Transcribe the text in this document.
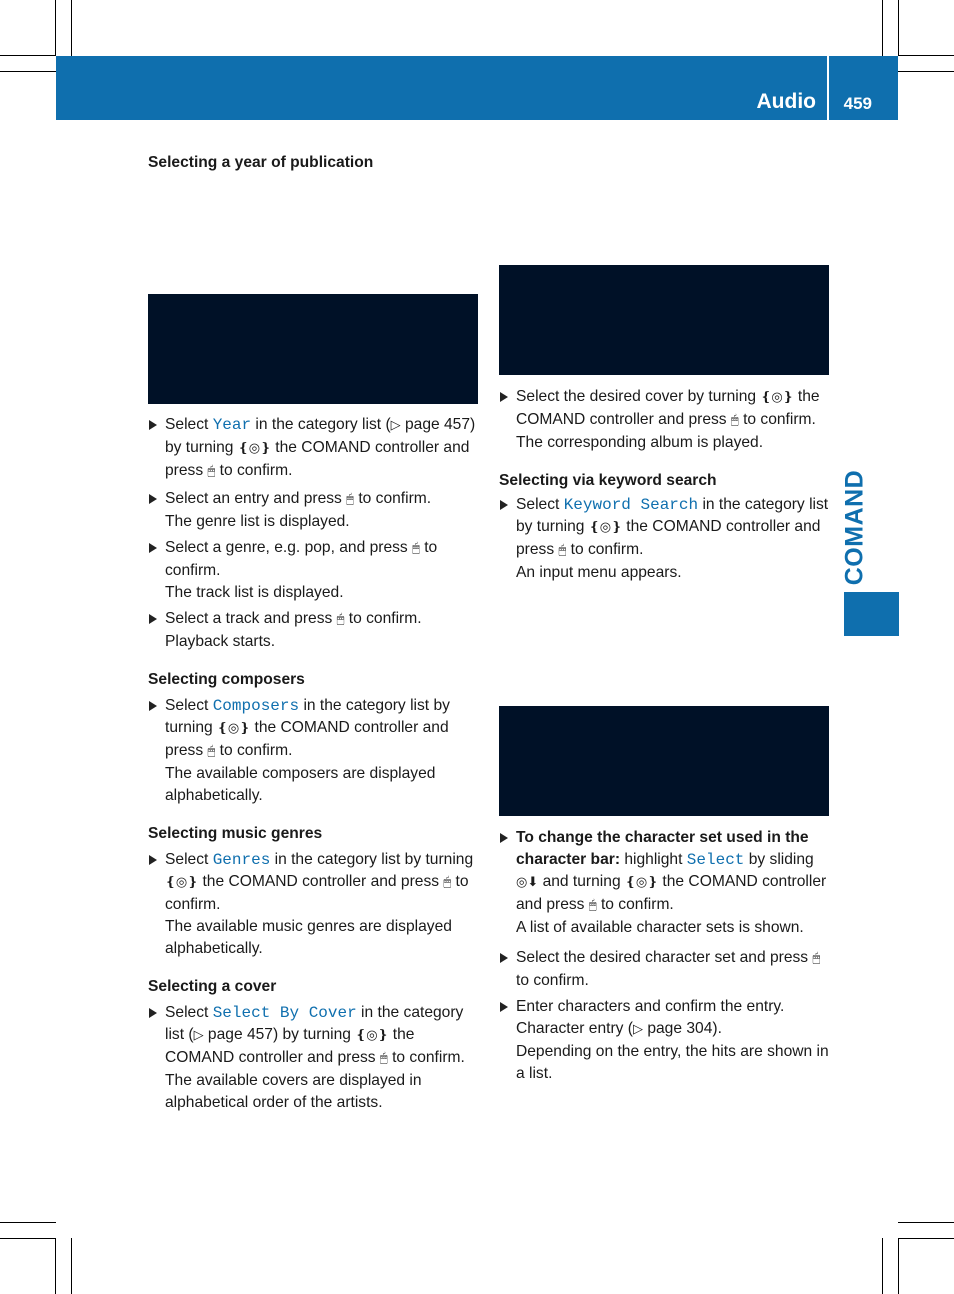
Audio 459
COMAND
Selecting a year of publication

Select Year in the category list (▷ page 457) by turning ❴◎❵ the COMAND controller and press 🖱 to confirm.

Select an entry and press 🖱 to confirm.

The genre list is displayed.

Select a genre, e.g. pop, and press 🖱 to confirm.

The track list is displayed.

Select a track and press 🖱 to confirm.

Playback starts.

Selecting composers

Select Composers in the category list by turning ❴◎❵ the COMAND controller and press 🖱 to confirm.

The available composers are displayed alphabetically.

Selecting music genres

Select Genres in the category list by turning ❴◎❵ the COMAND controller and press 🖱 to confirm.

The available music genres are displayed alphabetically.

Selecting a cover

Select Select By Cover in the category list (▷ page 457) by turning ❴◎❵ the COMAND controller and press 🖱 to confirm.

The available covers are displayed in alphabetical order of the artists.

Select the desired cover by turning ❴◎❵ the COMAND controller and press 🖱 to confirm.

The corresponding album is played.

Selecting via keyword search

Select Keyword Search in the category list by turning ❴◎❵ the COMAND controller and press 🖱 to confirm.

An input menu appears.

To change the character set used in the character bar: highlight Select by sliding ◎⬇ and turning ❴◎❵ the COMAND controller and press 🖱 to confirm.

A list of available character sets is shown.

Select the desired character set and press 🖱 to confirm.

Enter characters and confirm the entry.

Character entry (▷ page 304).

Depending on the entry, the hits are shown in a list.
